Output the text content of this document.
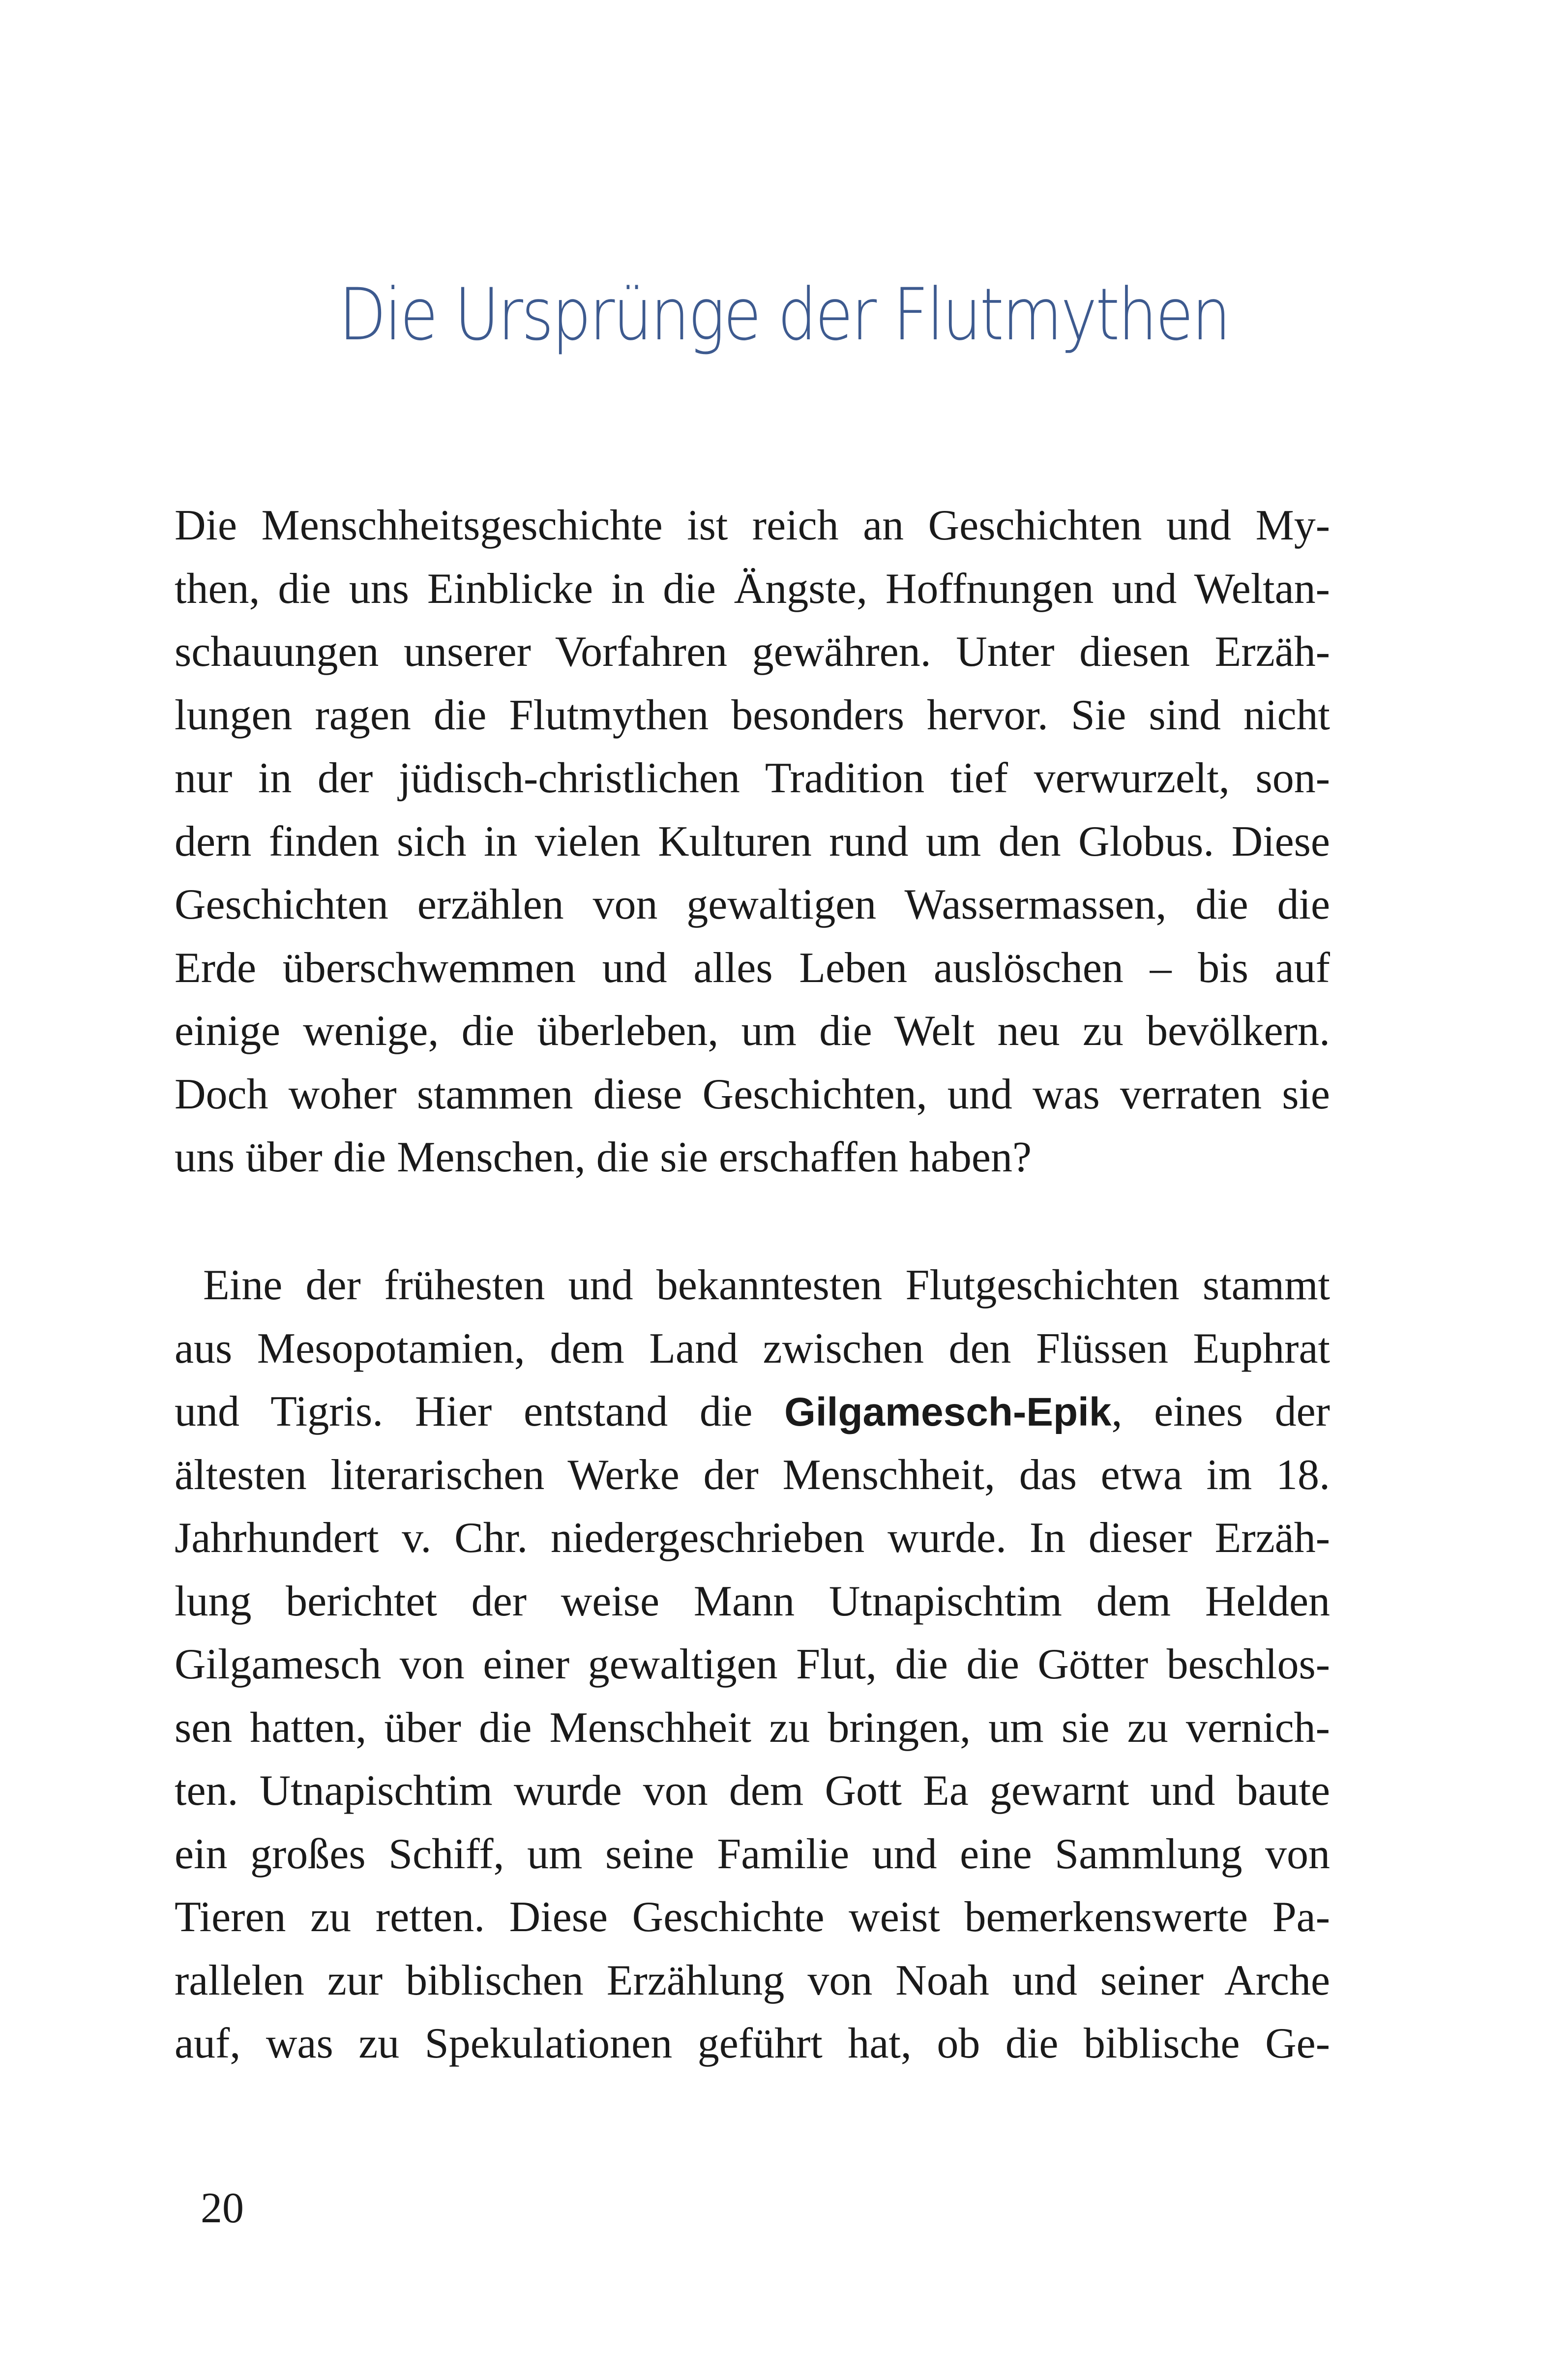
Die Ursprünge der Flutmythen
Die Menschheitsgeschichte ist reich an Geschichten und My-
then, die uns Einblicke in die Ängste, Hoffnungen und Weltan-
schauungen unserer Vorfahren gewähren. Unter diesen Erzäh-
lungen ragen die Flutmythen besonders hervor. Sie sind nicht
nur in der jüdisch-christlichen Tradition tief verwurzelt, son-
dern finden sich in vielen Kulturen rund um den Globus. Diese
Geschichten erzählen von gewaltigen Wassermassen, die die
Erde überschwemmen und alles Leben auslöschen – bis auf
einige wenige, die überleben, um die Welt neu zu bevölkern.
Doch woher stammen diese Geschichten, und was verraten sie
uns über die Menschen, die sie erschaffen haben?
Eine der frühesten und bekanntesten Flutgeschichten stammt
aus Mesopotamien, dem Land zwischen den Flüssen Euphrat
und Tigris. Hier entstand die Gilgamesch-Epik, eines der
ältesten literarischen Werke der Menschheit, das etwa im 18.
Jahrhundert v. Chr. niedergeschrieben wurde. In dieser Erzäh-
lung berichtet der weise Mann Utnapischtim dem Helden
Gilgamesch von einer gewaltigen Flut, die die Götter beschlos-
sen hatten, über die Menschheit zu bringen, um sie zu vernich-
ten. Utnapischtim wurde von dem Gott Ea gewarnt und baute
ein großes Schiff, um seine Familie und eine Sammlung von
Tieren zu retten. Diese Geschichte weist bemerkenswerte Pa-
rallelen zur biblischen Erzählung von Noah und seiner Arche
auf, was zu Spekulationen geführt hat, ob die biblische Ge-
20
